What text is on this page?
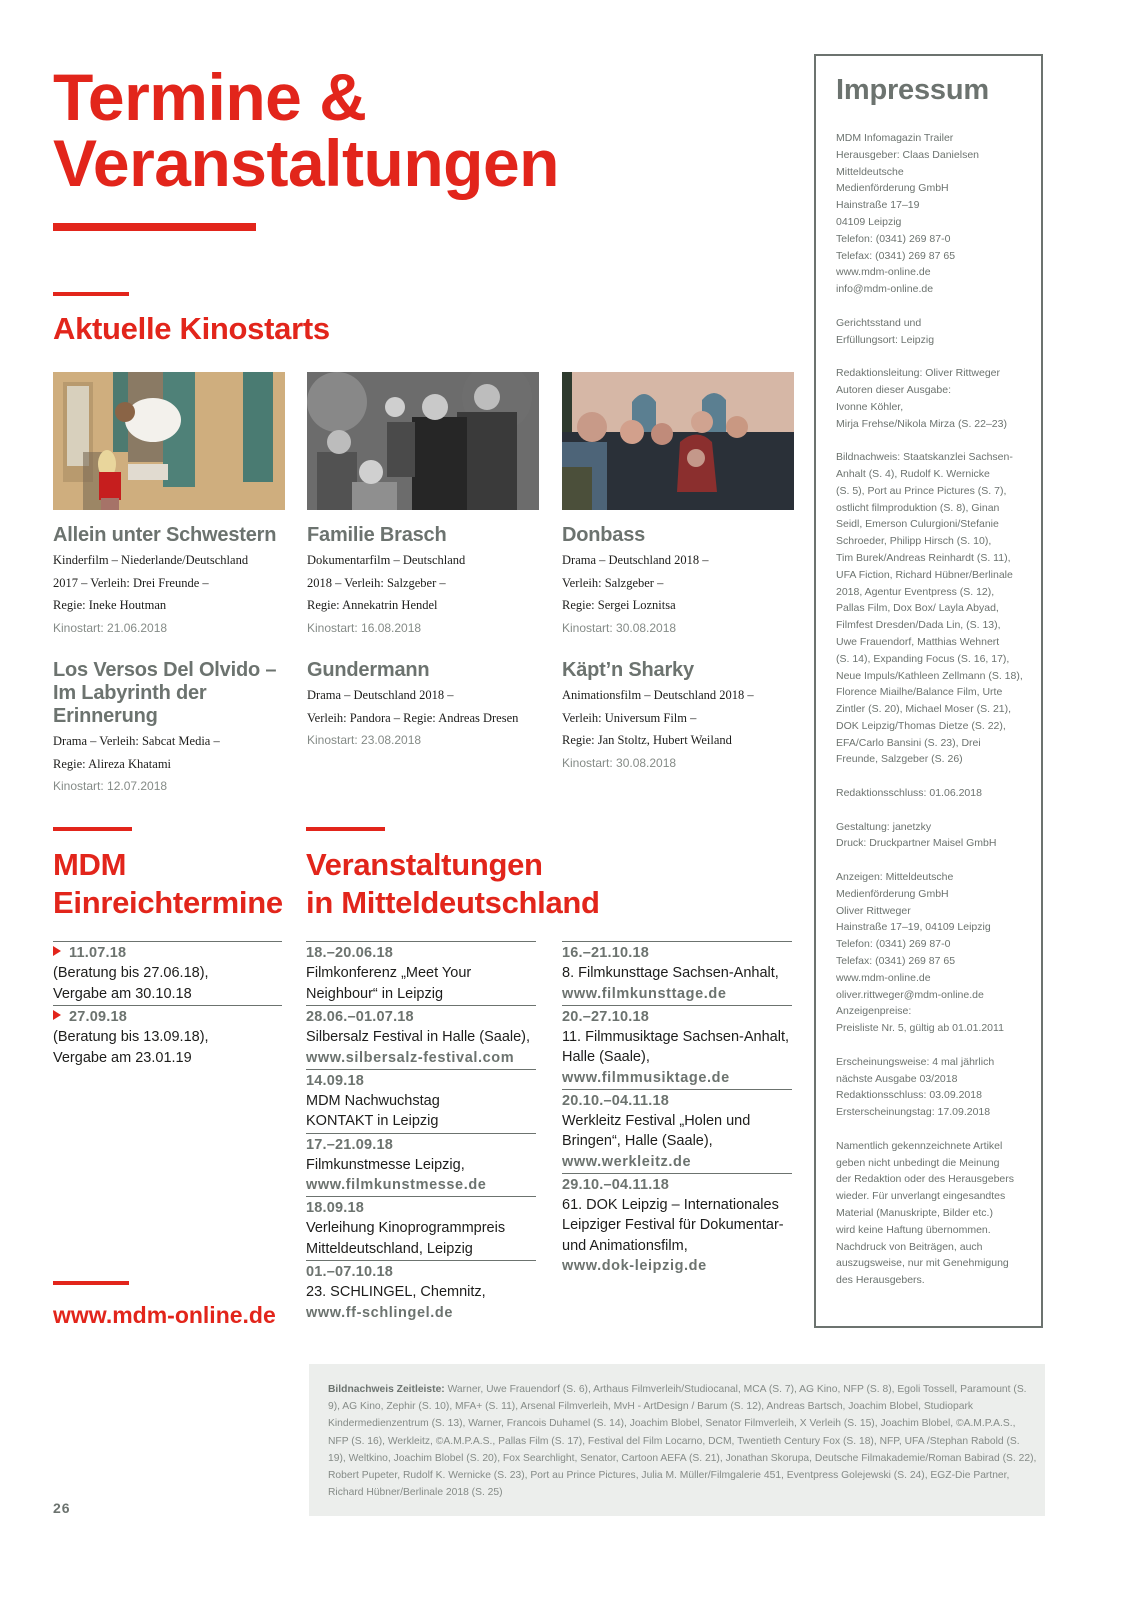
Termine &
Veranstaltungen
Aktuelle Kinostarts
Allein unter Schwestern
Kinderfilm – Niederlande/Deutschland
2017 – Verleih: Drei Freunde –
Regie: Ineke Houtman
Kinostart: 21.06.2018
Familie Brasch
Dokumentarfilm – Deutschland
2018 – Verleih: Salzgeber –
Regie: Annekatrin Hendel
Kinostart: 16.08.2018
Donbass
Drama – Deutschland 2018 –
Verleih: Salzgeber –
Regie: Sergei Loznitsa
Kinostart: 30.08.2018
Los Versos Del Olvido –
Im Labyrinth der
Erinnerung
Drama – Verleih: Sabcat Media –
Regie: Alireza Khatami
Kinostart: 12.07.2018
Gundermann
Drama – Deutschland 2018 –
Verleih: Pandora – Regie: Andreas Dresen
Kinostart: 23.08.2018
Käpt’n Sharky
Animationsfilm – Deutschland 2018 –
Verleih: Universum Film –
Regie: Jan Stoltz, Hubert Weiland
Kinostart: 30.08.2018
MDM
Einreichtermine
11.07.18
(Beratung bis 27.06.18),
Vergabe am 30.10.18
27.09.18
(Beratung bis 13.09.18),
Vergabe am 23.01.19
www.mdm-online.de
Veranstaltungen
in Mitteldeutschland
18.–20.06.18
Filmkonferenz „Meet Your
Neighbour“ in Leipzig
28.06.–01.07.18
Silbersalz Festival in Halle (Saale),
www.silbersalz-festival.com
14.09.18
MDM Nachwuchstag
KONTAKT in Leipzig
17.–21.09.18
Filmkunstmesse Leipzig,
www.filmkunstmesse.de
18.09.18
Verleihung Kinoprogrammpreis
Mitteldeutschland, Leipzig
01.–07.10.18
23. SCHLINGEL, Chemnitz,
www.ff-schlingel.de
16.–21.10.18
8. Filmkunsttage Sachsen-Anhalt,
www.filmkunsttage.de
20.–27.10.18
11. Filmmusiktage Sachsen-Anhalt,
Halle (Saale),
www.filmmusiktage.de
20.10.–04.11.18
Werkleitz Festival „Holen und
Bringen“, Halle (Saale),
www.werkleitz.de
29.10.–04.11.18
61. DOK Leipzig – Internationales
Leipziger Festival für Dokumentar-
und Animationsfilm,
www.dok-leipzig.de
Impressum
MDM Infomagazin Trailer
Herausgeber: Claas Danielsen
Mitteldeutsche
Medienförderung GmbH
Hainstraße 17–19
04109 Leipzig
Telefon: (0341) 269 87-0
Telefax: (0341) 269 87 65
www.mdm-online.de
info@mdm-online.de
Gerichtsstand und
Erfüllungsort: Leipzig
Redaktionsleitung: Oliver Rittweger
Autoren dieser Ausgabe:
Ivonne Köhler,
Mirja Frehse/Nikola Mirza (S. 22–23)
Bildnachweis: Staatskanzlei Sachsen-
Anhalt (S. 4), Rudolf K. Wernicke
(S. 5), Port au Prince Pictures (S. 7),
ostlicht filmproduktion (S. 8), Ginan
Seidl, Emerson Culurgioni/Stefanie
Schroeder, Philipp Hirsch (S. 10),
Tim Burek/Andreas Reinhardt (S. 11),
UFA Fiction, Richard Hübner/Berlinale
2018, Agentur Eventpress (S. 12),
Pallas Film, Dox Box/ Layla Abyad,
Filmfest Dresden/Dada Lin, (S. 13),
Uwe Frauendorf, Matthias Wehnert
(S. 14), Expanding Focus (S. 16, 17),
Neue Impuls/Kathleen Zellmann (S. 18),
Florence Miailhe/Balance Film, Urte
Zintler (S. 20), Michael Moser (S. 21),
DOK Leipzig/Thomas Dietze (S. 22),
EFA/Carlo Bansini (S. 23), Drei
Freunde, Salzgeber (S. 26)
Redaktionsschluss: 01.06.2018
Gestaltung: janetzky
Druck: Druckpartner Maisel GmbH
Anzeigen: Mitteldeutsche
Medienförderung GmbH
Oliver Rittweger
Hainstraße 17–19, 04109 Leipzig
Telefon: (0341) 269 87-0
Telefax: (0341) 269 87 65
www.mdm-online.de
oliver.rittweger@mdm-online.de
Anzeigenpreise:
Preisliste Nr. 5, gültig ab 01.01.2011
Erscheinungsweise: 4 mal jährlich
nächste Ausgabe 03/2018
Redaktionsschluss: 03.09.2018
Ersterscheinungstag: 17.09.2018
Namentlich gekennzeichnete Artikel
geben nicht unbedingt die Meinung
der Redaktion oder des Herausgebers
wieder. Für unverlangt eingesandtes
Material (Manuskripte, Bilder etc.)
wird keine Haftung übernommen.
Nachdruck von Beiträgen, auch
auszugsweise, nur mit Genehmigung
des Herausgebers.
Bildnachweis Zeitleiste: Warner, Uwe Frauendorf (S. 6), Arthaus Filmverleih/Studiocanal, MCA (S. 7), AG Kino, NFP (S. 8), Egoli Tossell, Paramount (S. 9), AG Kino, Zephir (S. 10), MFA+ (S. 11), Arsenal Filmverleih, MvH - ArtDesign / Barum (S. 12), Andreas Bartsch, Joachim Blobel, Studiopark Kindermedienzentrum (S. 13), Warner, Francois Duhamel (S. 14), Joachim Blobel, Senator Filmverleih, X Verleih (S. 15), Joachim Blobel, ©A.M.P.A.S., NFP (S. 16), Werkleitz, ©A.M.P.A.S., Pallas Film (S. 17), Festival del Film Locarno, DCM, Twentieth Century Fox (S. 18), NFP, UFA /Stephan Rabold (S. 19), Weltkino, Joachim Blobel (S. 20), Fox Searchlight, Senator, Cartoon AEFA (S. 21), Jonathan Skorupa, Deutsche Filmakademie/Roman Babirad (S. 22), Robert Pupeter, Rudolf K. Wernicke (S. 23), Port au Prince Pictures, Julia M. Müller/Filmgalerie 451, Eventpress Golejewski (S. 24), EGZ-Die Partner, Richard Hübner/Berlinale 2018 (S. 25)
26
